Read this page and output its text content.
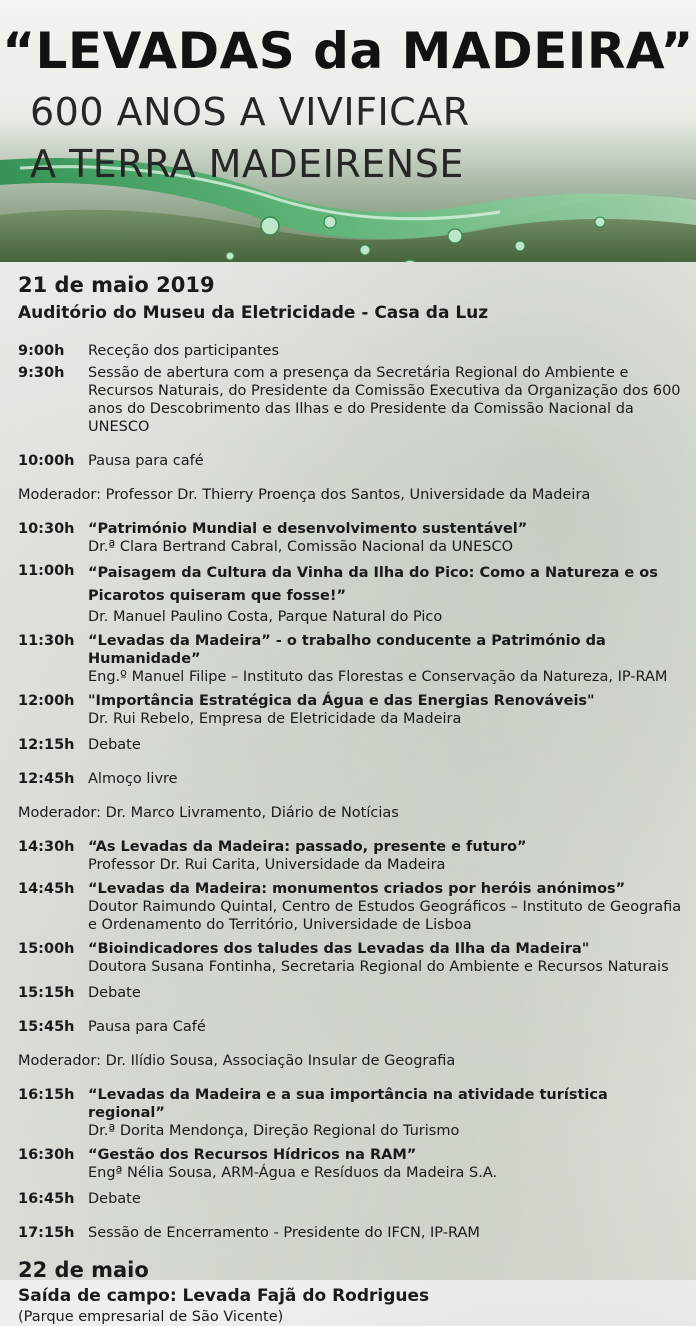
“LEVADAS da MADEIRA”
600 ANOS A VIVIFICAR
A TERRA MADEIRENSE
21 de maio 2019
Auditório do Museu da Eletricidade - Casa da Luz
9:00h	Receção dos participantes
9:30h	Sessão de abertura com a presença da Secretária Regional do Ambiente e Recursos Naturais, do Presidente da Comissão Executiva da Organização dos 600 anos do Descobrimento das Ilhas e do Presidente da Comissão Nacional da UNESCO
10:00h Pausa para café
Moderador: Professor Dr. Thierry Proença dos Santos, Universidade da Madeira
10:30h “Património Mundial e desenvolvimento sustentável”
Dr.ª Clara Bertrand Cabral, Comissão Nacional da UNESCO
11:00h “Paisagem da Cultura da Vinha da Ilha do Pico: Como a Natureza e os Picarotos quiseram que fosse!”
Dr. Manuel Paulino Costa, Parque Natural do Pico
11:30h “Levadas da Madeira” - o trabalho conducente a Património da Humanidade”
Eng.º Manuel Filipe – Instituto das Florestas e Conservação da Natureza, IP-RAM
12:00h "Importância Estratégica da Água e das Energias Renováveis"
Dr. Rui Rebelo, Empresa de Eletricidade da Madeira
12:15h Debate
12:45h Almoço livre
Moderador: Dr. Marco Livramento, Diário de Notícias
14:30h “As Levadas da Madeira: passado, presente e futuro”
Professor Dr. Rui Carita, Universidade da Madeira
14:45h “Levadas da Madeira: monumentos criados por heróis anónimos”
Doutor Raimundo Quintal, Centro de Estudos Geográficos – Instituto de Geografia e Ordenamento do Território, Universidade de Lisboa
15:00h “Bioindicadores dos taludes das Levadas da Ilha da Madeira"
Doutora Susana Fontinha, Secretaria Regional do Ambiente e Recursos Naturais
15:15h Debate
15:45h Pausa para Café
Moderador: Dr. Ilídio Sousa, Associação Insular de Geografia
16:15h “Levadas da Madeira e a sua importância na atividade turística regional”
Dr.ª Dorita Mendonça, Direção Regional do Turismo
16:30h “Gestão dos Recursos Hídricos na RAM”
Engª Nélia Sousa, ARM-Água e Resíduos da Madeira S.A.
16:45h Debate
17:15h Sessão de Encerramento - Presidente do IFCN, IP-RAM
22 de maio
Saída de campo: Levada Fajã do Rodrigues
(Parque empresarial de São Vicente)
